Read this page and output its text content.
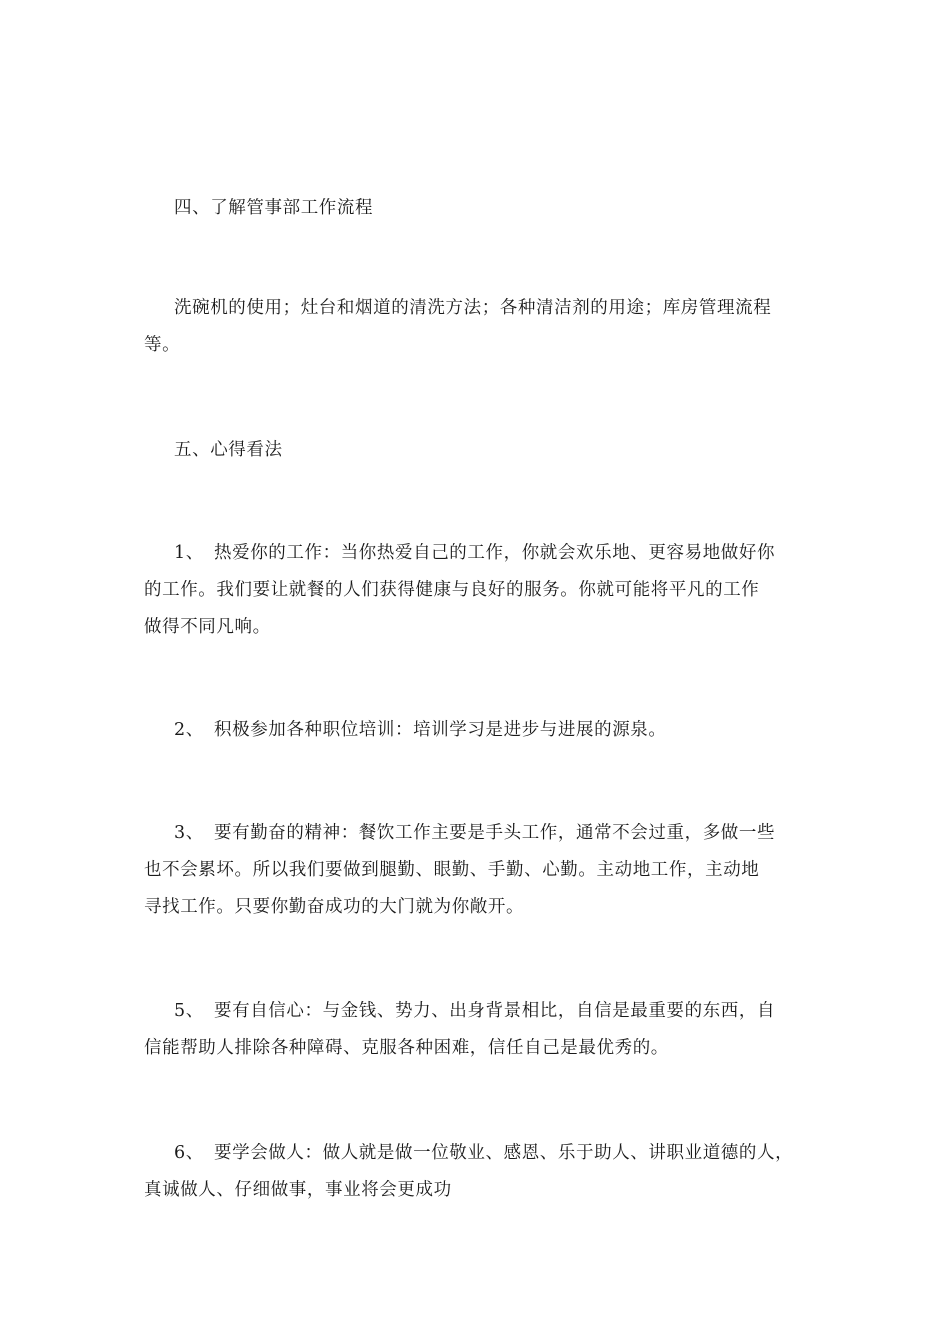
四、了解管事部工作流程
洗碗机的使用；灶台和烟道的清洗方法；各种清洁剂的用途；库房管理流程
等。
五、心得看法
1、 热爱你的工作：当你热爱自己的工作，你就会欢乐地、更容易地做好你
的工作。我们要让就餐的人们获得健康与良好的服务。你就可能将平凡的工作
做得不同凡响。
2、 积极参加各种职位培训：培训学习是进步与进展的源泉。
3、 要有勤奋的精神：餐饮工作主要是手头工作，通常不会过重，多做一些
也不会累坏。所以我们要做到腿勤、眼勤、手勤、心勤。主动地工作，主动地
寻找工作。只要你勤奋成功的大门就为你敞开。
5、 要有自信心：与金钱、势力、出身背景相比，自信是最重要的东西，自
信能帮助人排除各种障碍、克服各种困难，信任自己是最优秀的。
6、 要学会做人：做人就是做一位敬业、感恩、乐于助人、讲职业道德的人，
真诚做人、仔细做事，事业将会更成功
